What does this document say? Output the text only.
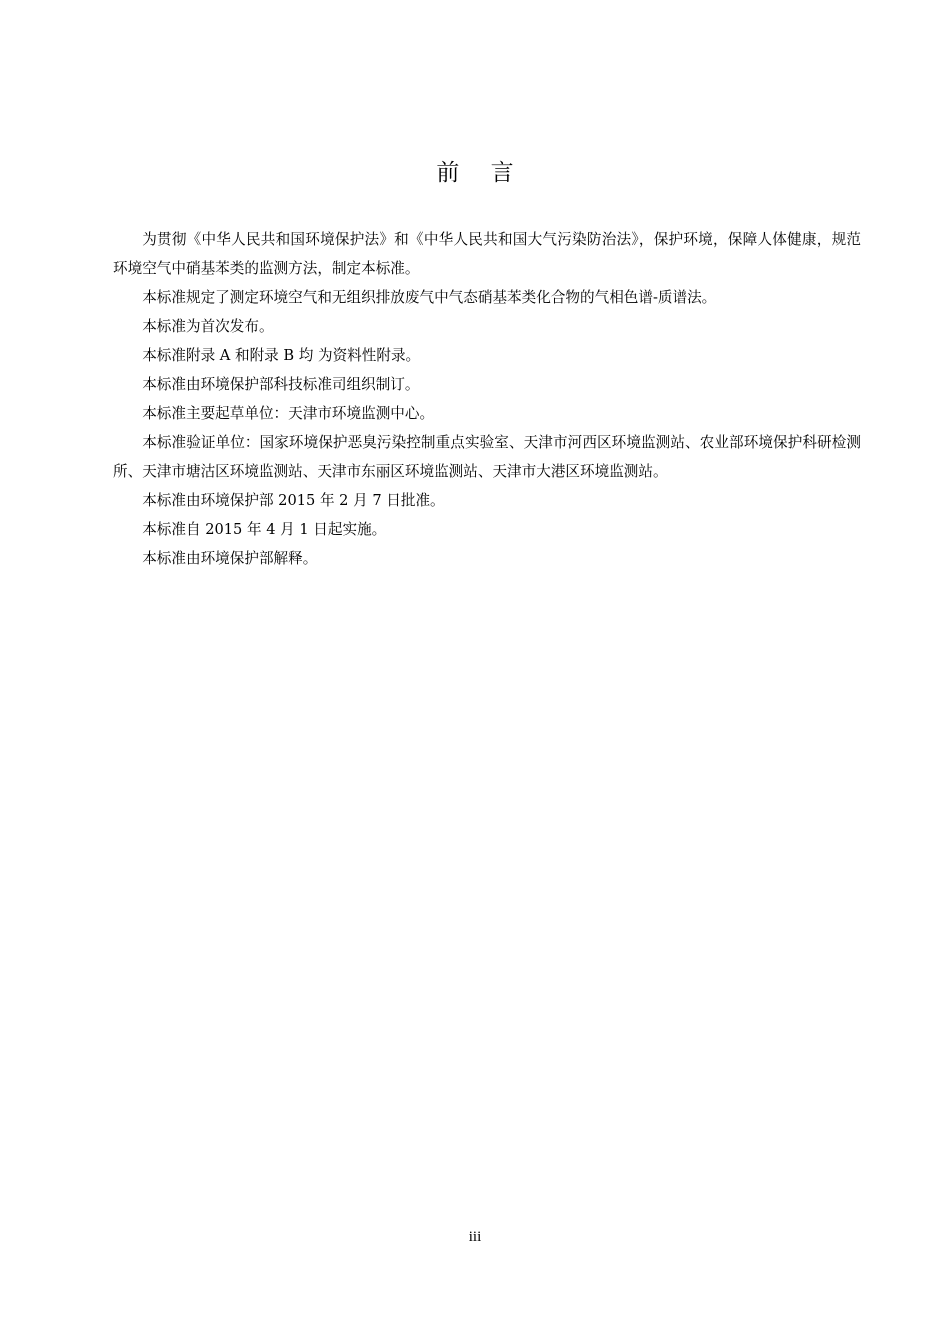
前 言

为贯彻《中华人民共和国环境保护法》和《中华人民共和国大气污染防治法》，保护环境，保障人体健康，规范环境空气中硝基苯类的监测方法，制定本标准。

本标准规定了测定环境空气和无组织排放废气中气态硝基苯类化合物的气相色谱-质谱法。

本标准为首次发布。

本标准附录 A 和附录 B 均 为资料性附录。

本标准由环境保护部科技标准司组织制订。

本标准主要起草单位：天津市环境监测中心。

本标准验证单位：国家环境保护恶臭污染控制重点实验室、天津市河西区环境监测站、农业部环境保护科研检测所、天津市塘沽区环境监测站、天津市东丽区环境监测站、天津市大港区环境监测站。

本标准由环境保护部 2015 年 2 月 7 日批准。

本标准自 2015 年 4 月 1 日起实施。

本标准由环境保护部解释。

iii
